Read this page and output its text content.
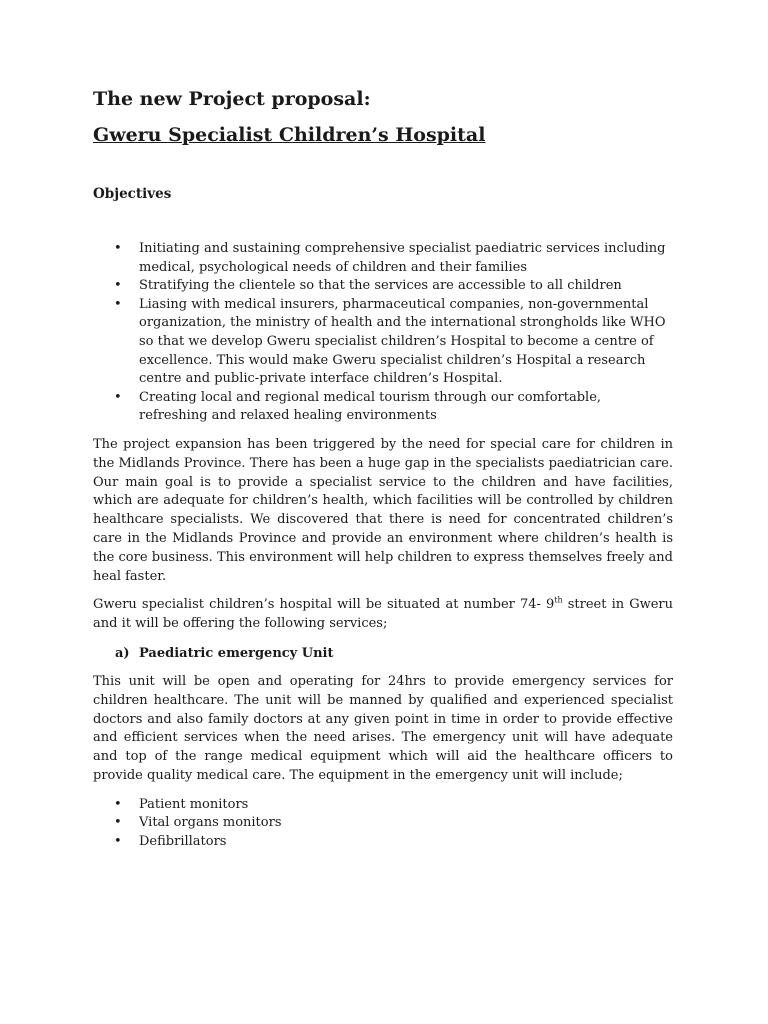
The new Project proposal:
Gweru Specialist Children’s Hospital
Objectives
• Initiating and sustaining comprehensive specialist paediatric services including medical, psychological needs of children and their families
• Stratifying the clientele so that the services are accessible to all children
• Liasing with medical insurers, pharmaceutical companies, non-governmental organization, the ministry of health and the international strongholds like WHO so that we develop Gweru specialist children’s Hospital to become a centre of excellence. This would make Gweru specialist children’s Hospital a research centre and public-private interface children’s Hospital.
• Creating local and regional medical tourism through our comfortable, refreshing and relaxed healing environments

The project expansion has been triggered by the need for special care for children in the Midlands Province. There has been a huge gap in the specialists paediatrician care. Our main goal is to provide a specialist service to the children and have facilities, which are adequate for children’s health, which facilities will be controlled by children healthcare specialists. We discovered that there is need for concentrated children’s care in the Midlands Province and provide an environment where children’s health is the core business. This environment will help children to express themselves freely and heal faster.

Gweru specialist children’s hospital will be situated at number 74- 9th street in Gweru and it will be offering the following services;

a) Paediatric emergency Unit

This unit will be open and operating for 24hrs to provide emergency services for children healthcare. The unit will be manned by qualified and experienced specialist doctors and also family doctors at any given point in time in order to provide effective and efficient services when the need arises. The emergency unit will have adequate and top of the range medical equipment which will aid the healthcare officers to provide quality medical care. The equipment in the emergency unit will include;

• Patient monitors
• Vital organs monitors
• Defibrillators
